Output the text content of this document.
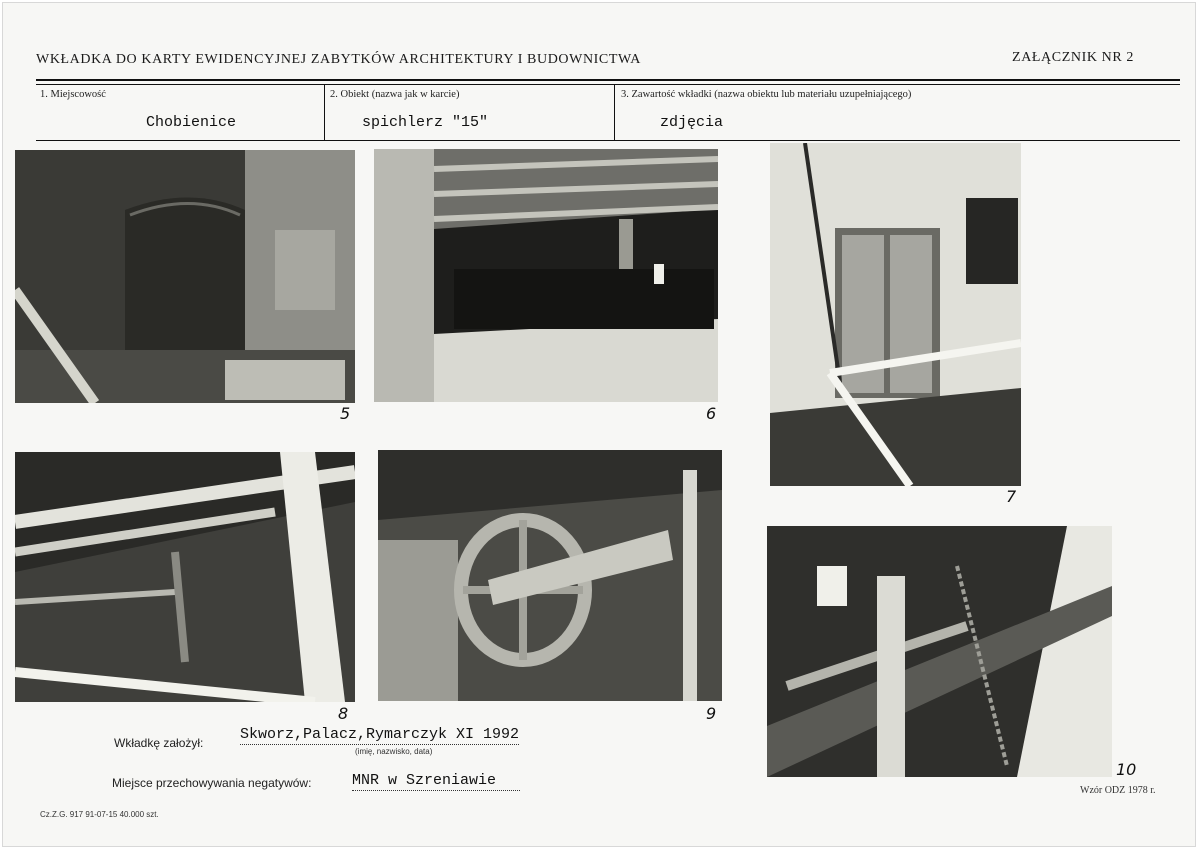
WKŁADKA DO KARTY EWIDENCYJNEJ ZABYTKÓW ARCHITEKTURY I BUDOWNICTWA	ZAŁĄCZNIK NR 2
1. Miejscowość
Chobienice
2. Obiekt (nazwa jak w karcie)
spichlerz "15"
3. Zawartość wkładki (nazwa obiektu lub materiału uzupełniającego)
zdjęcia
5	6
7
8	9
10
Wkładkę założył: Skworz,Palacz,Rymarczyk XI 1992
(imię, nazwisko, data)
Miejsce przechowywania negatywów:	MNR w Szreniawie
Cz.Z.G. 917 91-07-15 40.000 szt.
Wzór ODZ 1978 r.
